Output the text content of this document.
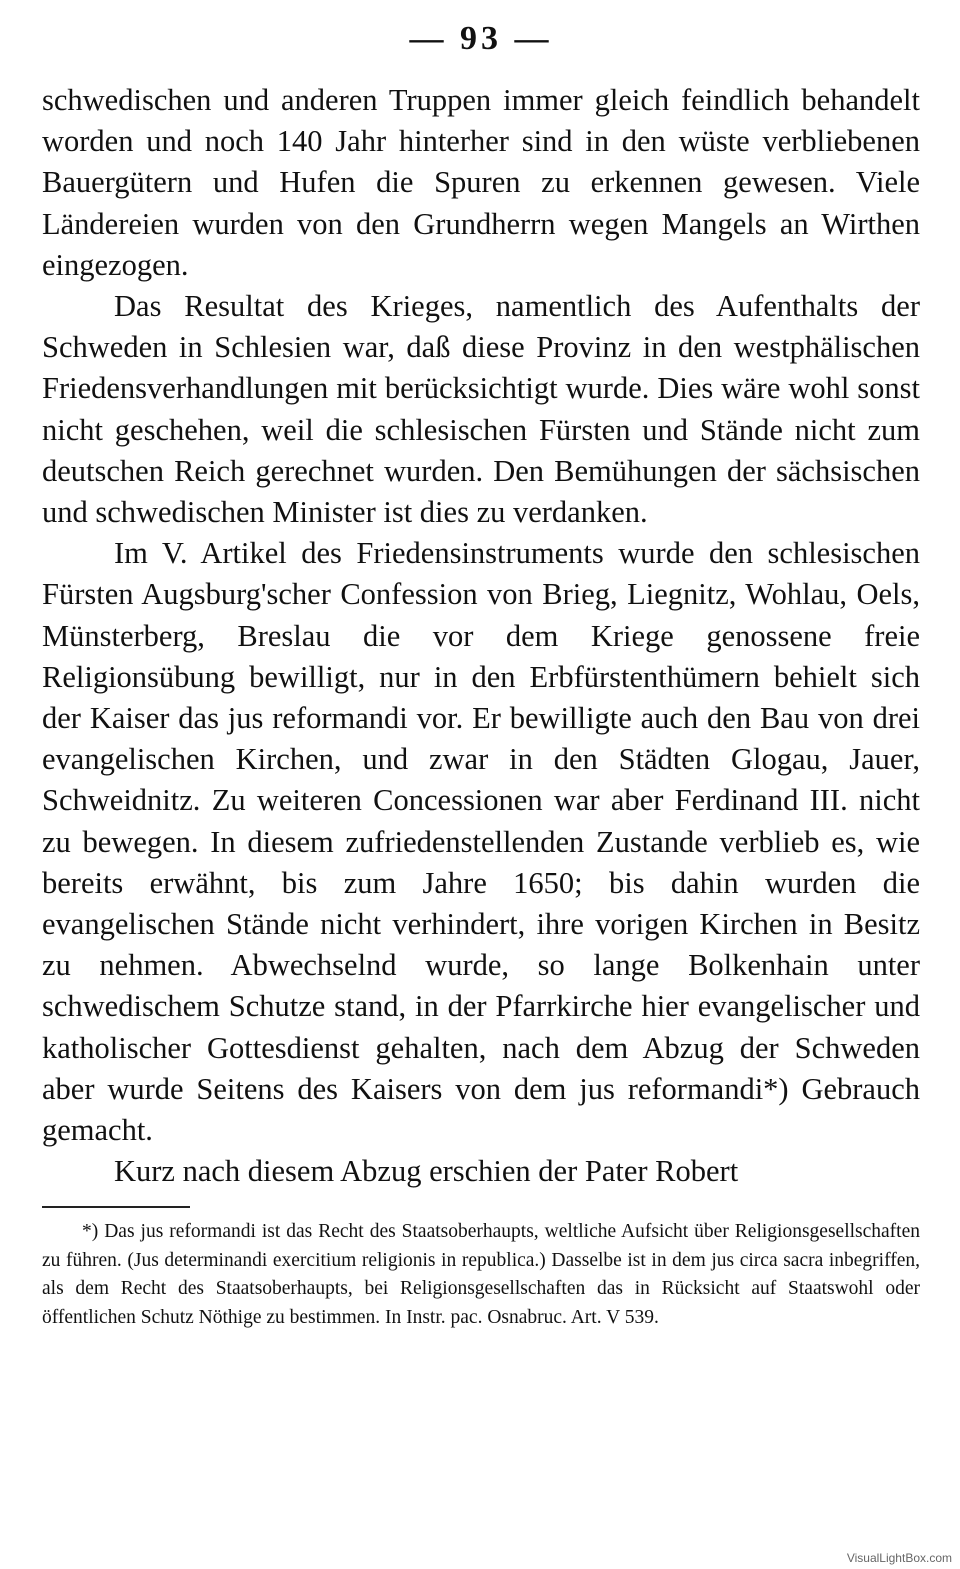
— 93 —

schwedischen und anderen Truppen immer gleich feindlich behandelt worden und noch 140 Jahr hinterher sind in den wüste verbliebenen Bauergütern und Hufen die Spuren zu erkennen gewesen. Viele Ländereien wurden von den Grundherrn wegen Mangels an Wirthen eingezogen.

Das Resultat des Krieges, namentlich des Aufenthalts der Schweden in Schlesien war, daß diese Provinz in den westphälischen Friedensverhandlungen mit berücksichtigt wurde. Dies wäre wohl sonst nicht geschehen, weil die schlesischen Fürsten und Stände nicht zum deutschen Reich gerechnet wurden. Den Bemühungen der sächsischen und schwedischen Minister ist dies zu verdanken.

Im V. Artikel des Friedensinstruments wurde den schlesischen Fürsten Augsburg'scher Confession von Brieg, Liegnitz, Wohlau, Oels, Münsterberg, Breslau die vor dem Kriege genossene freie Religionsübung bewilligt, nur in den Erbfürstenthümern behielt sich der Kaiser das jus reformandi vor. Er bewilligte auch den Bau von drei evangelischen Kirchen, und zwar in den Städten Glogau, Jauer, Schweidnitz. Zu weiteren Concessionen war aber Ferdinand III. nicht zu bewegen. In diesem zufriedenstellenden Zustande verblieb es, wie bereits erwähnt, bis zum Jahre 1650; bis dahin wurden die evangelischen Stände nicht verhindert, ihre vorigen Kirchen in Besitz zu nehmen. Abwechselnd wurde, so lange Bolkenhain unter schwedischem Schutze stand, in der Pfarrkirche hier evangelischer und katholischer Gottesdienst gehalten, nach dem Abzug der Schweden aber wurde Seitens des Kaisers von dem jus reformandi*) Gebrauch gemacht.

Kurz nach diesem Abzug erschien der Pater Robert

*) Das jus reformandi ist das Recht des Staatsoberhaupts, weltliche Aufsicht über Religionsgesellschaften zu führen. (Jus determinandi exercitium religionis in republica.) Dasselbe ist in dem jus circa sacra inbegriffen, als dem Recht des Staatsoberhaupts, bei Religionsgesellschaften das in Rücksicht auf Staatswohl oder öffentlichen Schutz Nöthige zu bestimmen. In Instr. pac. Osnabruc. Art. V 539.

VisualLightBox.com
